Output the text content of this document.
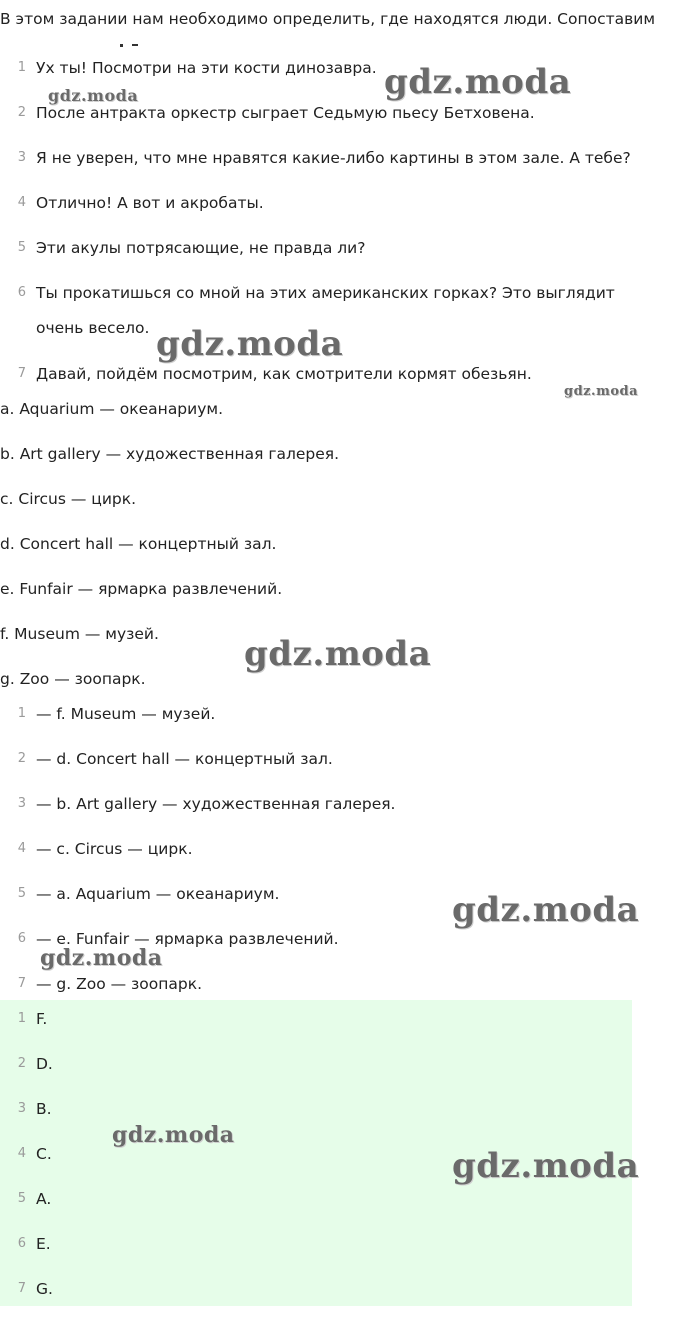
В этом задании нам необходимо определить, где находятся люди. Сопоставим
1 Ух ты! Посмотри на эти кости динозавра.
2 После антракта оркестр сыграет Седьмую пьесу Бетховена.
3 Я не уверен, что мне нравятся какие-либо картины в этом зале. А тебе?
4 Отлично! А вот и акробаты.
5 Эти акулы потрясающие, не правда ли?
6 Ты прокатишься со мной на этих американских горках? Это выглядит
очень весело.
7 Давай, пойдём посмотрим, как смотрители кормят обезьян.
a. Aquarium — океанариум.
b. Art gallery — художественная галерея.
c. Circus — цирк.
d. Concert hall — концертный зал.
e. Funfair — ярмарка развлечений.
f. Museum — музей.
g. Zoo — зоопарк.
1 — f. Museum — музей.
2 — d. Concert hall — концертный зал.
3 — b. Art gallery — художественная галерея.
4 — c. Circus — цирк.
5 — a. Aquarium — океанариум.
6 — e. Funfair — ярмарка развлечений.
7 — g. Zoo — зоопарк.
1 F.
2 D.
3 B.
4 C.
5 A.
6 E.
7 G.
gdz.moda
gdz.moda
gdz.moda
gdz.moda
gdz.moda
gdz.moda
gdz.moda
gdz.moda
gdz.moda
